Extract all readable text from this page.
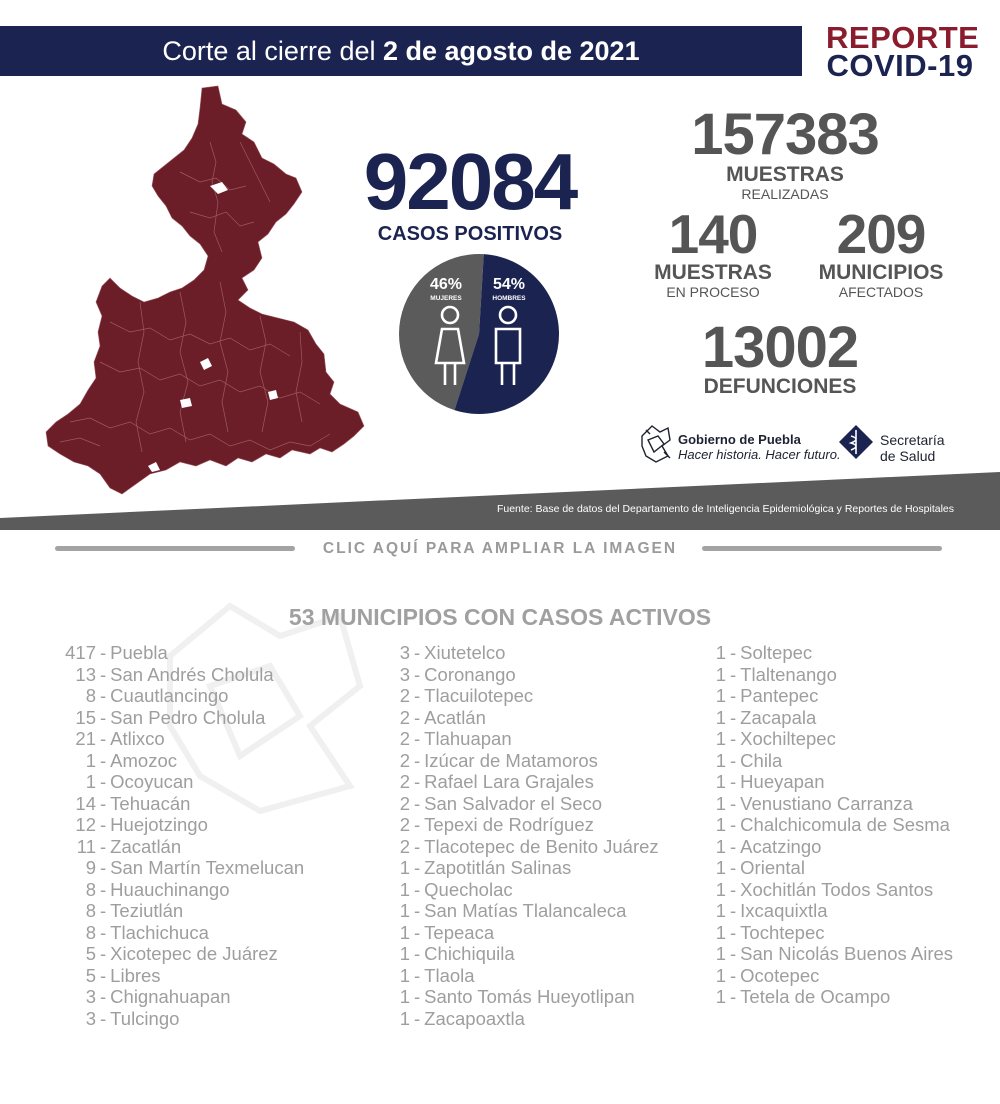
Corte al cierre del 2 de agosto de 2021	REPORTE
COVID-19
92084
CASOS POSITIVOS
46%
MUJERES
54%
HOMBRES
157383
MUESTRAS
REALIZADAS
140
MUESTRAS
EN PROCESO
209
MUNICIPIOS
AFECTADOS
13002
DEFUNCIONES
Gobierno de Puebla
Hacer historia. Hacer futuro.
Secretaría
de Salud
Fuente: Base de datos del Departamento de Inteligencia Epidemiológica y Reportes de Hospitales
CLIC AQUÍ PARA AMPLIAR LA IMAGEN
53 MUNICIPIOS CON CASOS ACTIVOS
417 - Puebla
13 - San Andrés Cholula
8 - Cuautlancingo
15 - San Pedro Cholula
21 - Atlixco
1 - Amozoc
1 - Ocoyucan
14 - Tehuacán
12 - Huejotzingo
11 - Zacatlán
9 - San Martín Texmelucan
8 - Huauchinango
8 - Teziutlán
8 - Tlachichuca
5 - Xicotepec de Juárez
5 - Libres
3 - Chignahuapan
3 - Tulcingo
3 - Xiutetelco
3 - Coronango
2 - Tlacuilotepec
2 - Acatlán
2 - Tlahuapan
2 - Izúcar de Matamoros
2 - Rafael Lara Grajales
2 - San Salvador el Seco
2 - Tepexi de Rodríguez
2 - Tlacotepec de Benito Juárez
1 - Zapotitlán Salinas
1 - Quecholac
1 - San Matías Tlalancaleca
1 - Tepeaca
1 - Chichiquila
1 - Tlaola
1 - Santo Tomás Hueyotlipan
1 - Zacapoaxtla
1 - Soltepec
1 - Tlaltenango
1 - Pantepec
1 - Zacapala
1 - Xochiltepec
1 - Chila
1 - Hueyapan
1 - Venustiano Carranza
1 - Chalchicomula de Sesma
1 - Acatzingo
1 - Oriental
1 - Xochitlán Todos Santos
1 - Ixcaquixtla
1 - Tochtepec
1 - San Nicolás Buenos Aires
1 - Ocotepec
1 - Tetela de Ocampo
